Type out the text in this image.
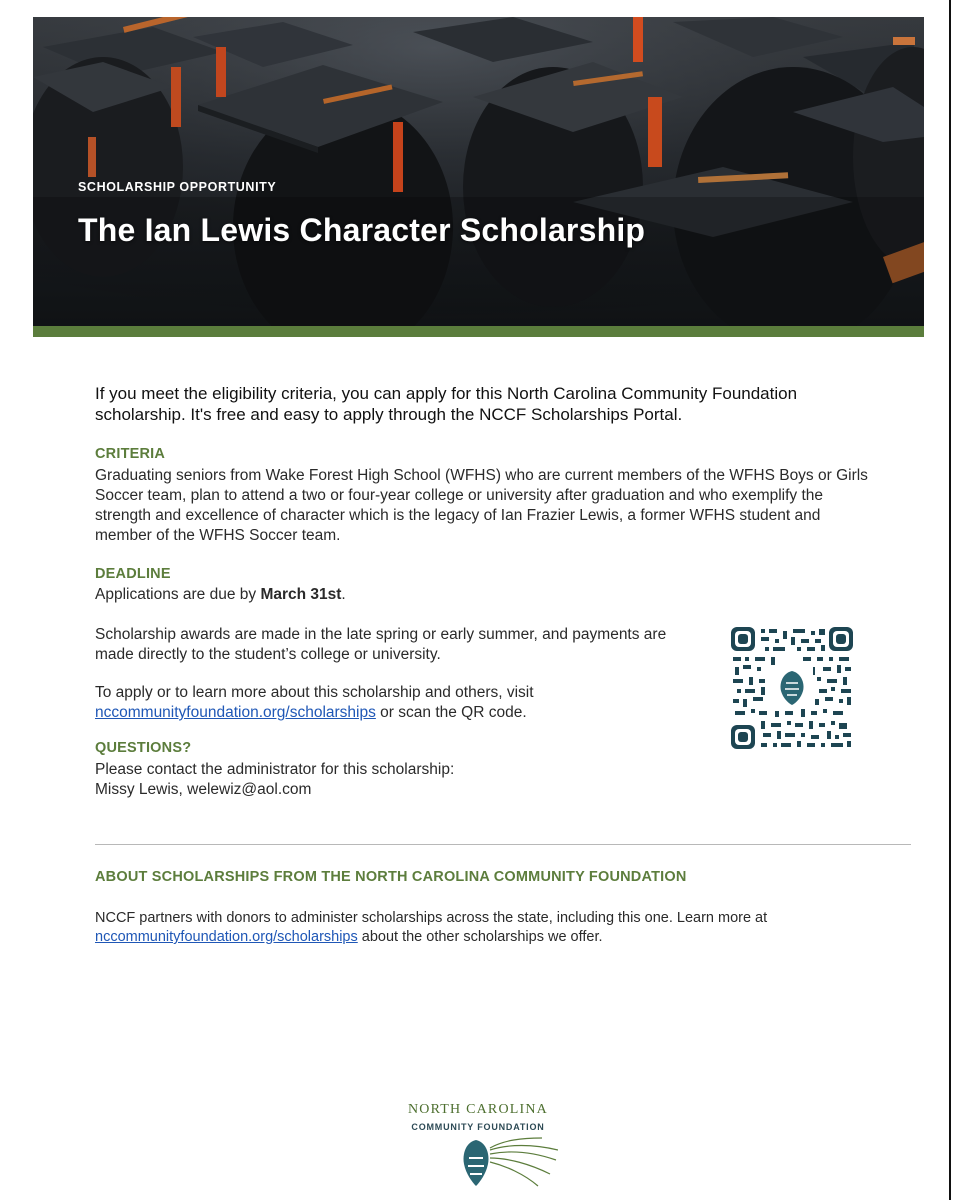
SCHOLARSHIP OPPORTUNITY
The Ian Lewis Character Scholarship
If you meet the eligibility criteria, you can apply for this North Carolina Community Foundation scholarship. It's free and easy to apply through the NCCF Scholarships Portal.
CRITERIA
Graduating seniors from Wake Forest High School (WFHS) who are current members of the WFHS Boys or Girls Soccer team, plan to attend a two or four-year college or university after graduation and who exemplify the strength and excellence of character which is the legacy of Ian Frazier Lewis, a former WFHS student and member of the WFHS Soccer team.
DEADLINE
Applications are due by March 31st.
Scholarship awards are made in the late spring or early summer, and payments are made directly to the student’s college or university.
To apply or to learn more about this scholarship and others, visit
nccommunityfoundation.org/scholarships or scan the QR code.
QUESTIONS?
Please contact the administrator for this scholarship:
Missy Lewis, welewiz@aol.com
ABOUT SCHOLARSHIPS FROM THE NORTH CAROLINA COMMUNITY FOUNDATION
NCCF partners with donors to administer scholarships across the state, including this one. Learn more at
nccommunityfoundation.org/scholarships about the other scholarships we offer.
NORTH CAROLINA
COMMUNITY FOUNDATION
